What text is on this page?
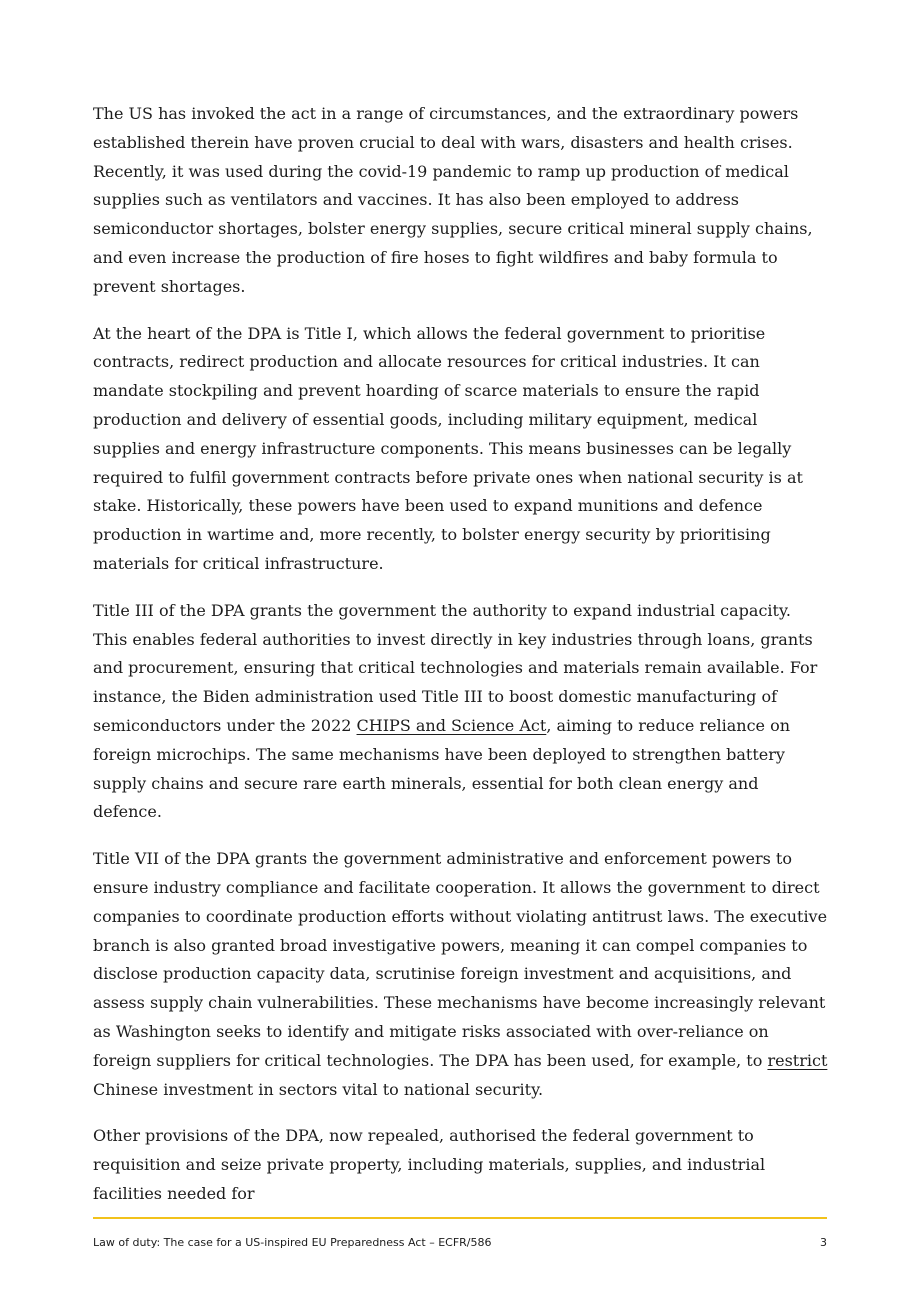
The US has invoked the act in a range of circumstances, and the extraordinary powers established therein have proven crucial to deal with wars, disasters and health crises. Recently, it was used during the covid-19 pandemic to ramp up production of medical supplies such as ventilators and vaccines. It has also been employed to address semiconductor shortages, bolster energy supplies, secure critical mineral supply chains, and even increase the production of fire hoses to fight wildfires and baby formula to prevent shortages.

At the heart of the DPA is Title I, which allows the federal government to prioritise contracts, redirect production and allocate resources for critical industries. It can mandate stockpiling and prevent hoarding of scarce materials to ensure the rapid production and delivery of essential goods, including military equipment, medical supplies and energy infrastructure components. This means businesses can be legally required to fulfil government contracts before private ones when national security is at stake. Historically, these powers have been used to expand munitions and defence production in wartime and, more recently, to bolster energy security by prioritising materials for critical infrastructure.

Title III of the DPA grants the government the authority to expand industrial capacity. This enables federal authorities to invest directly in key industries through loans, grants and procurement, ensuring that critical technologies and materials remain available. For instance, the Biden administration used Title III to boost domestic manufacturing of semiconductors under the 2022 CHIPS and Science Act, aiming to reduce reliance on foreign microchips. The same mechanisms have been deployed to strengthen battery supply chains and secure rare earth minerals, essential for both clean energy and defence.

Title VII of the DPA grants the government administrative and enforcement powers to ensure industry compliance and facilitate cooperation. It allows the government to direct companies to coordinate production efforts without violating antitrust laws. The executive branch is also granted broad investigative powers, meaning it can compel companies to disclose production capacity data, scrutinise foreign investment and acquisitions, and assess supply chain vulnerabilities. These mechanisms have become increasingly relevant as Washington seeks to identify and mitigate risks associated with over-reliance on foreign suppliers for critical technologies. The DPA has been used, for example, to restrict Chinese investment in sectors vital to national security.

Other provisions of the DPA, now repealed, authorised the federal government to requisition and seize private property, including materials, supplies, and industrial facilities needed for

Law of duty: The case for a US-inspired EU Preparedness Act – ECFR/586	3
